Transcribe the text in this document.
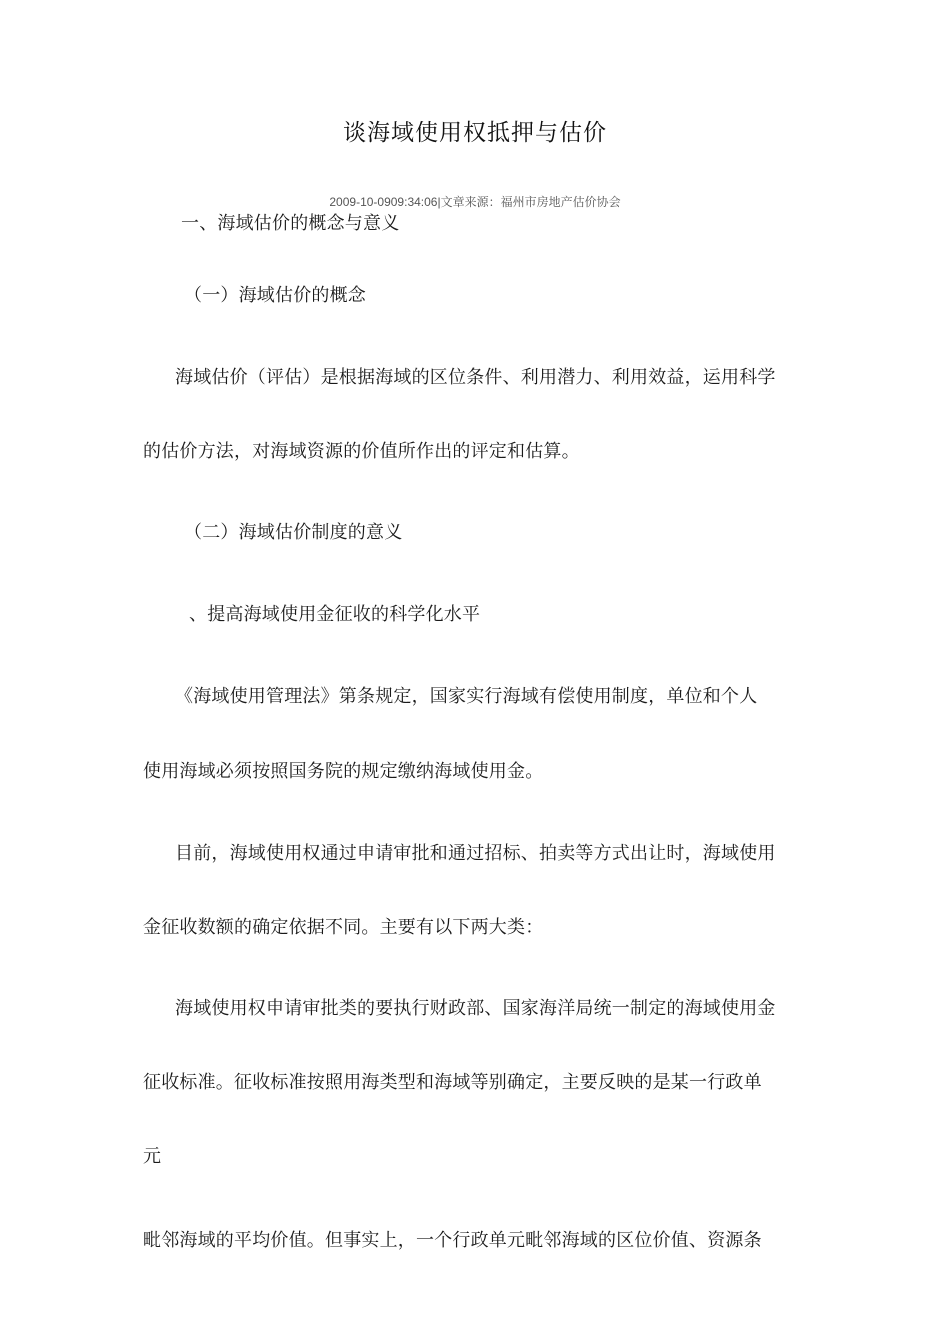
谈海域使用权抵押与估价
2009-10-0909:34:06|文章来源：福州市房地产估价协会
一、海域估价的概念与意义
（一）海域估价的概念
海域估价（评估）是根据海域的区位条件、利用潜力、利用效益，运用科学
的估价方法，对海域资源的价值所作出的评定和估算。
（二）海域估价制度的意义
、提高海域使用金征收的科学化水平
《海域使用管理法》第条规定，国家实行海域有偿使用制度，单位和个人
使用海域必须按照国务院的规定缴纳海域使用金。
目前，海域使用权通过申请审批和通过招标、拍卖等方式出让时，海域使用
金征收数额的确定依据不同。主要有以下两大类：
海域使用权申请审批类的要执行财政部、国家海洋局统一制定的海域使用金
征收标准。征收标准按照用海类型和海域等别确定，主要反映的是某一行政单
元
毗邻海域的平均价值。但事实上，一个行政单元毗邻海域的区位价值、资源条
